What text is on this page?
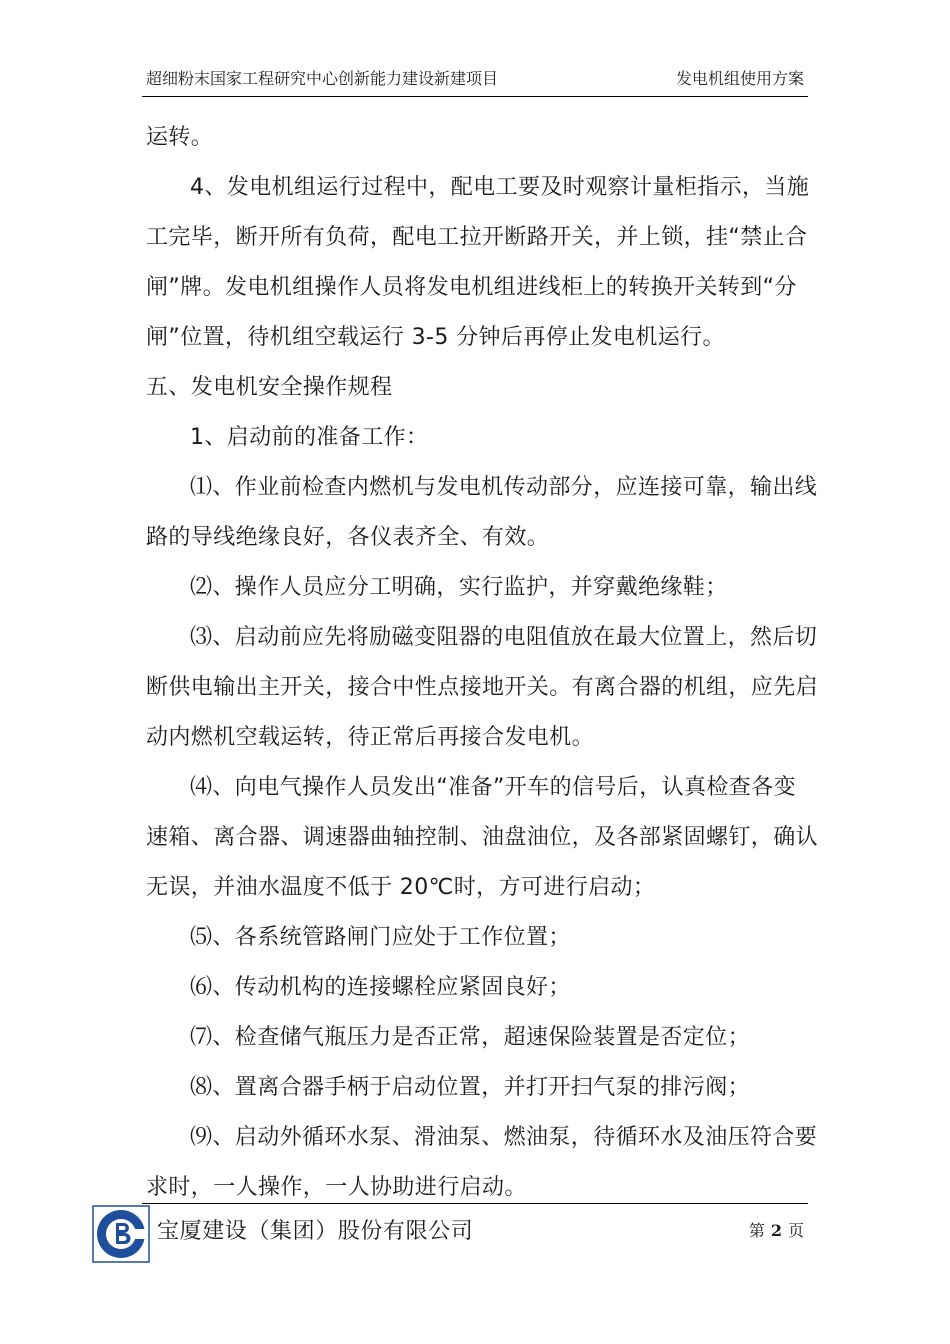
超细粉末国家工程研究中心创新能力建设新建项目	发电机组使用方案
运转。
4、发电机组运行过程中，配电工要及时观察计量柜指示，当施
工完毕，断开所有负荷，配电工拉开断路开关，并上锁，挂“禁止合
闸”牌。发电机组操作人员将发电机组进线柜上的转换开关转到“分
闸”位置，待机组空载运行 3-5 分钟后再停止发电机运行。
五、发电机安全操作规程
1、启动前的准备工作：
⑴、作业前检查内燃机与发电机传动部分，应连接可靠，输出线
路的导线绝缘良好，各仪表齐全、有效。
⑵、操作人员应分工明确，实行监护，并穿戴绝缘鞋；
⑶、启动前应先将励磁变阻器的电阻值放在最大位置上，然后切
断供电输出主开关，接合中性点接地开关。有离合器的机组，应先启
动内燃机空载运转，待正常后再接合发电机。
⑷、向电气操作人员发出“准备”开车的信号后，认真检查各变
速箱、离合器、调速器曲轴控制、油盘油位，及各部紧固螺钉，确认
无误，并油水温度不低于 20℃时，方可进行启动；
⑸、各系统管路闸门应处于工作位置；
⑹、传动机构的连接螺栓应紧固良好；
⑺、检查储气瓶压力是否正常，超速保险装置是否定位；
⑻、置离合器手柄于启动位置，并打开扫气泵的排污阀；
⑼、启动外循环水泵、滑油泵、燃油泵，待循环水及油压符合要
求时，一人操作，一人协助进行启动。
宝厦建设（集团）股份有限公司	第 2 页
